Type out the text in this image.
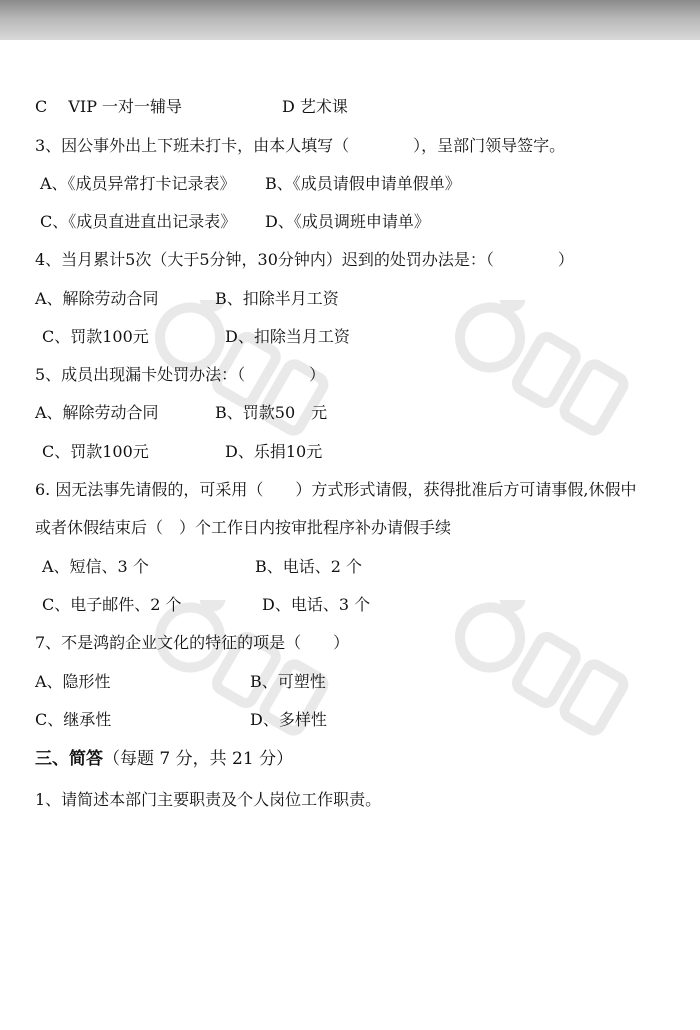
C　 VIP 一对一辅导	D 艺术课
3、因公事外出上下班未打卡，由本人填写（　　　　），呈部门领导签字。
A、《成员异常打卡记录表》 B、《成员请假申请单假单》
C、《成员直进直出记录表》 D、《成员调班申请单》
4、当月累计5次（大于5分钟，30分钟内）迟到的处罚办法是：（　　　　）
A、解除劳动合同	B、扣除半月工资
C、罚款100元	D、扣除当月工资
5、成员出现漏卡处罚办法：（　　　　）
A、解除劳动合同	B、罚款50　元
C、罚款100元	D、乐捐10元
6. 因无法事先请假的，可采用（　　）方式形式请假，获得批准后方可请事假,休假中
或者休假结束后（　）个工作日内按审批程序补办请假手续
A、短信、3 个	B、电话、2 个
C、电子邮件、2 个	D、电话、3 个
7、不是鸿韵企业文化的特征的项是（　　）
A、隐形性	B、可塑性
C、继承性	D、多样性
三、简答（每题 7 分，共 21 分）
1、请简述本部门主要职责及个人岗位工作职责。
